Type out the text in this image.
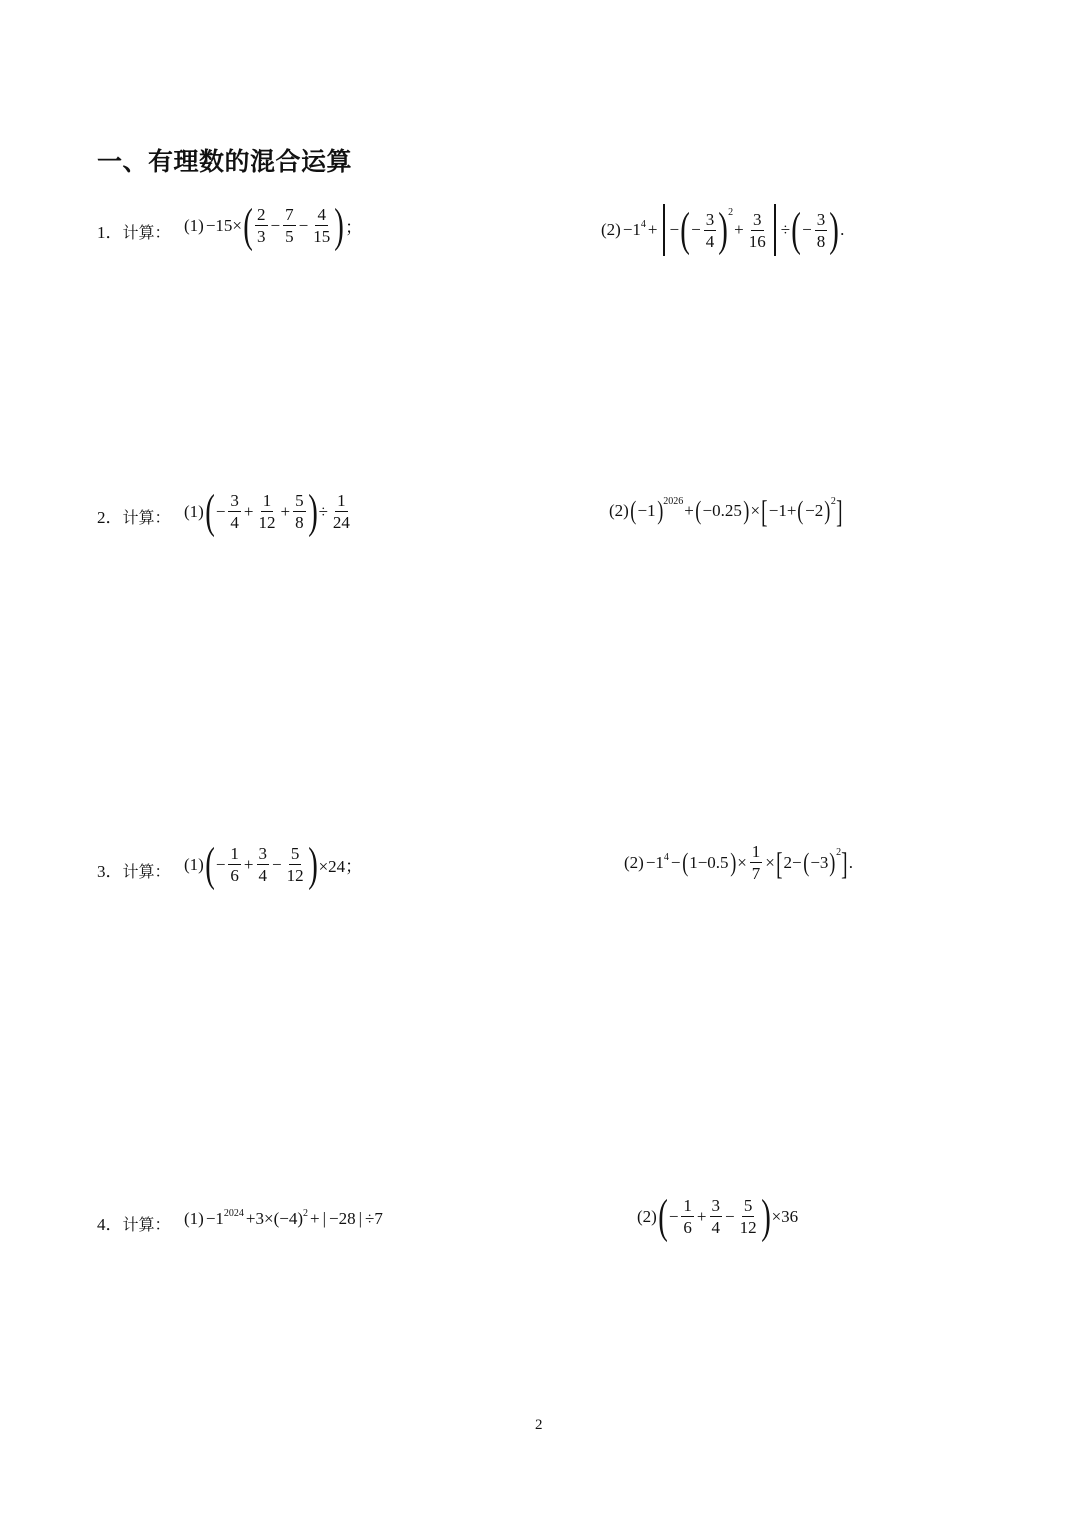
一、有理数的混合运算
1．计算： (1) −15× ( $\frac{2}{3} - \frac{7}{5} - \frac{4}{15}$ ) ；	$(2) -1^4$ + − ( − $\frac{3}{4} )^2$
+ $\frac{3}{16}$ ÷ ( − $\frac{3}{8}$ ) .
2．计算： (1) ( − $\frac{3}{4} + \frac{1}{12} + \frac{5}{8}$ ) ÷ $\frac{1}{24}$	(2) ( −1 )$^{2026}$ + ( −0.25 ) × [ −1+ ( −2 )$^2$ ]
3．计算： (1) ( − $\frac{1}{6} + \frac{3}{4} - \frac{5}{12}$ ) ×24；	$(2) -1^4$ − ( 1−0.5 ) × $\frac{1}{7}$ × [ 2− ( −3 )$^2$ ] .
4．计算： $(1) -1^{2024} +3\times(-4)^2$ + | −28 | ÷7	(2) ( − $\frac{1}{6} + \frac{3}{4} - \frac{5}{12}$ ) ×36
2
